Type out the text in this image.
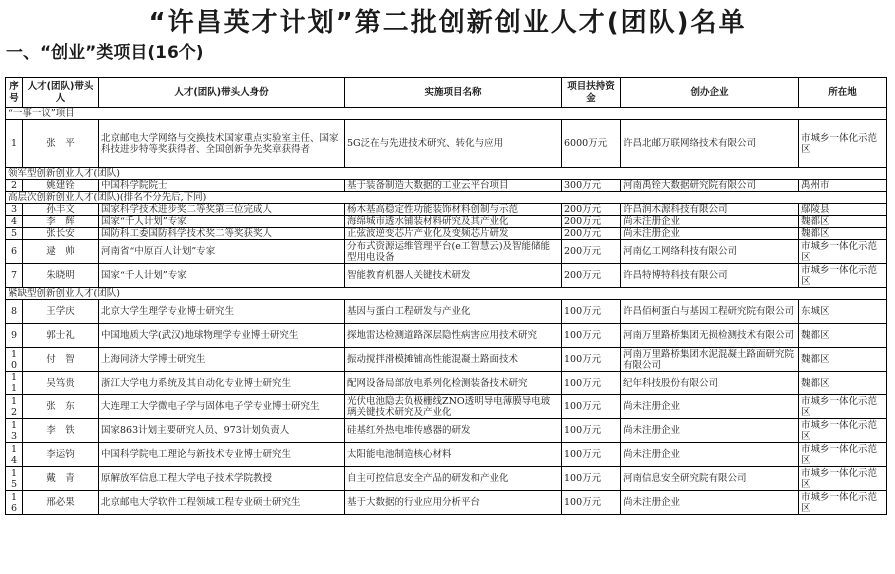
“许昌英才计划”第二批创新创业人才(团队)名单
一、“创业”类项目(16个)
序号	人才(团队)带头人	人才(团队)带头人身份	实施项目名称	项目扶持资金	创办企业	所在地
“一事一议”项目						
1	张　平	北京邮电大学网络与交换技术国家重点实验室主任、国家科技进步特等奖获得者、全国创新争先奖章获得者	5G泛在与先进技术研究、转化与应用	6000万元	许昌北邮万联网络技术有限公司	市城乡一体化示范区
领军型创新创业人才(团队)						
2	姚建铨	中国科学院院士	基于装备制造大数据的工业云平台项目	300万元	河南禹铨大数据研究院有限公司	禹州市
高层次创新创业人才(团队)(排名不分先后,下同)						
3	孙丰文	国家科学技术进步奖二等奖第三位完成人	杨木基高稳定性功能装饰材料创制与示范	200万元	许昌润木源科技有限公司	鄢陵县
4	李　辉	国家“千人计划”专家	海绵城市透水铺装材料研究及其产业化	200万元	尚未注册企业	魏都区
5	张长安	国防科工委国防科学技术奖二等奖获奖人	正弦波逆变芯片产业化及变频芯片研发	200万元	尚未注册企业	魏都区
6	逯　帅	河南省“中原百人计划”专家	分布式资源运维管理平台(e工智慧云)及智能储能型用电设备	200万元	河南亿工网络科技有限公司	市城乡一体化示范区
7	朱晓明	国家“千人计划”专家	智能教育机器人关键技术研发	200万元	许昌特博特科技有限公司	市城乡一体化示范区
紧缺型创新创业人才(团队)						
8	王学庆	北京大学生理学专业博士研究生	基因与蛋白工程研发与产业化	100万元	许昌佰柯蛋白与基因工程研究院有限公司	东城区
9	郭士礼	中国地质大学(武汉)地球物理学专业博士研究生	探地雷达检测道路深层隐性病害应用技术研究	100万元	河南万里路桥集团无损检测技术有限公司	魏都区
10	付　智	上海同济大学博士研究生	振动搅拌滑模摊铺高性能混凝土路面技术	100万元	河南万里路桥集团水泥混凝土路面研究院有限公司	魏都区
11	吴笃贵	浙江大学电力系统及其自动化专业博士研究生	配网设备局部放电系列化检测装备技术研究	100万元	纪年科技股份有限公司	魏都区
12	张　东	大连理工大学微电子学与固体电子学专业博士研究生	光伏电池隐去负极栅线ZNO透明导电薄膜导电玻璃关键技术研究及产业化	100万元	尚未注册企业	市城乡一体化示范区
13	李　铁	国家863计划主要研究人员、973计划负责人	硅基红外热电堆传感器的研发	100万元	尚未注册企业	市城乡一体化示范区
14	李运钧	中国科学院电工理论与新技术专业博士研究生	太阳能电池制造核心材料	100万元	尚未注册企业	市城乡一体化示范区
15	戴　青	原解放军信息工程大学电子技术学院教授	自主可控信息安全产品的研发和产业化	100万元	河南信息安全研究院有限公司	市城乡一体化示范区
16	邢必果	北京邮电大学软件工程领域工程专业硕士研究生	基于大数据的行业应用分析平台	100万元	尚未注册企业	市城乡一体化示范区
